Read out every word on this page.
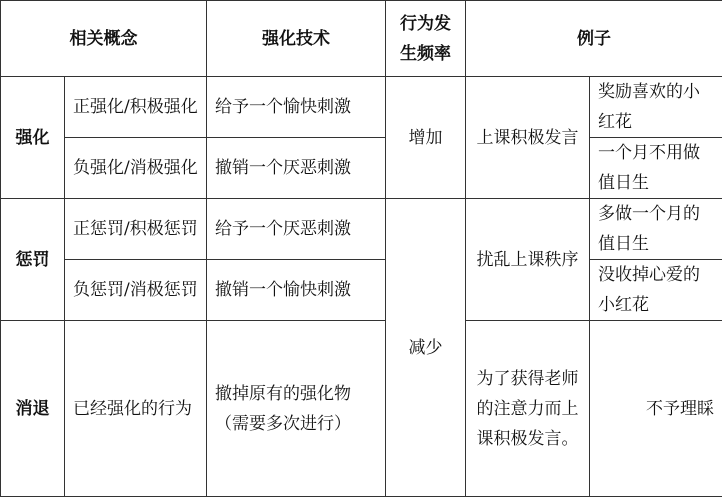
相关概念		强化技术	行为发生频率	例子	
强化	正强化/积极强化	给予一个愉快刺激	增加	上课积极发言	奖励喜欢的小红花
	负强化/消极强化	撤销一个厌恶刺激			一个月不用做值日生
惩罚	正惩罚/积极惩罚	给予一个厌恶刺激	减少	扰乱上课秩序	多做一个月的值日生
	负惩罚/消极惩罚	撤销一个愉快刺激			没收掉心爱的小红花
消退	已经强化的行为	撤掉原有的强化物（需要多次进行）		为了获得老师的注意力而上课积极发言。	不予理睬
